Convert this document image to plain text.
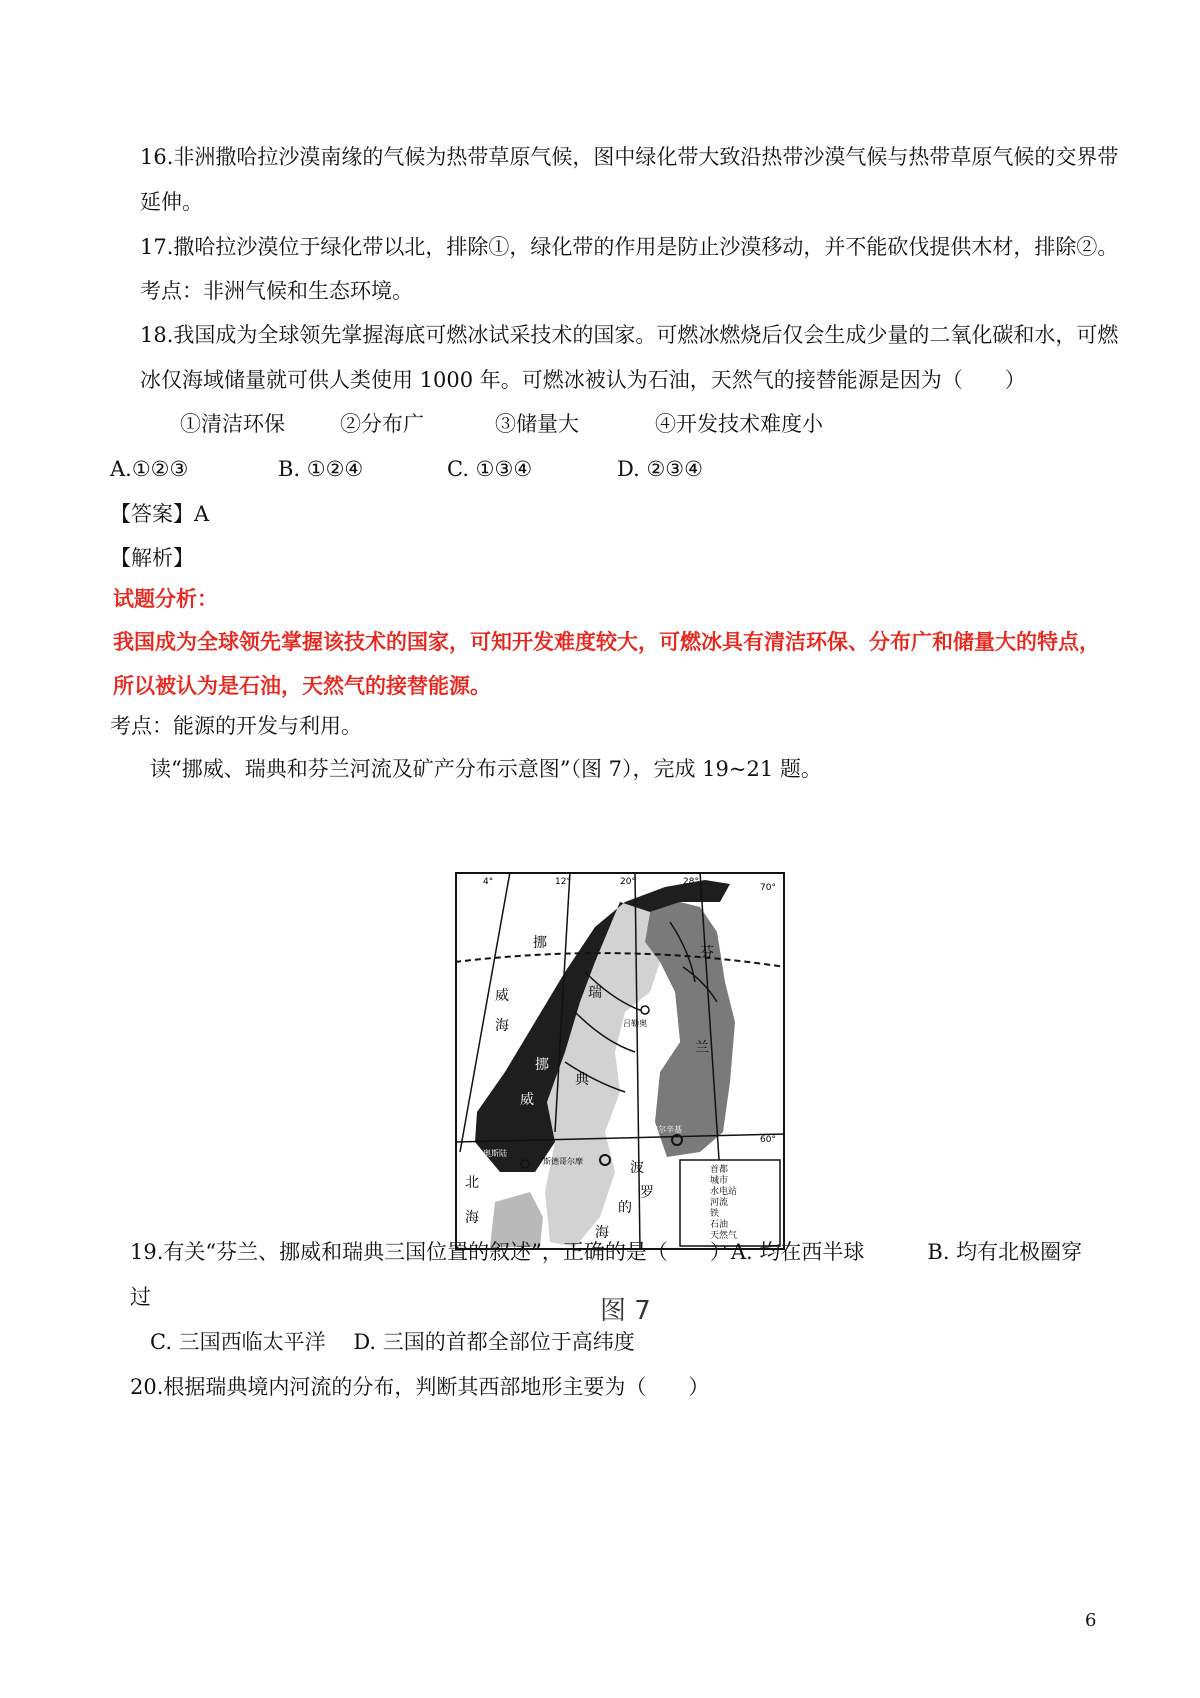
16.非洲撒哈拉沙漠南缘的气候为热带草原气候，图中绿化带大致沿热带沙漠气候与热带草原气候的交界带
延伸。
17.撒哈拉沙漠位于绿化带以北，排除①，绿化带的作用是防止沙漠移动，并不能砍伐提供木材，排除②。
考点：非洲气候和生态环境。
18.我国成为全球领先掌握海底可燃冰试采技术的国家。可燃冰燃烧后仅会生成少量的二氧化碳和水，可燃
冰仅海域储量就可供人类使用 1000 年。可燃冰被认为石油，天然气的接替能源是因为（　　）
①清洁环保	②分布广	③储量大	④开发技术难度小
A.①②③	B. ①②④	C. ①③④	D. ②③④
【答案】A
【解析】
试题分析：
我国成为全球领先掌握该技术的国家，可知开发难度较大，可燃冰具有清洁环保、分布广和储量大的特点，
所以被认为是石油，天然气的接替能源。
考点：能源的开发与利用。
读“挪威、瑞典和芬兰河流及矿产分布示意图”（图 7），完成 19~21 题。
4°	12°	20°	28°
70°
60°
挪
威
海
挪
威
瑞
典
芬
兰
北
海
波
罗
的
海
吕勒奥
斯德哥尔摩
赫尔辛基
奥斯陆
首都
城市
水电站
河流
铁
石油
天然气
图 7
19.有关“芬兰、挪威和瑞典三国位置的叙述”，正确的是（　　）A. 均在西半球　　　B. 均有北极圈穿
过
C. 三国西临太平洋　 D. 三国的首都全部位于高纬度
20.根据瑞典境内河流的分布，判断其西部地形主要为（　　）
6
